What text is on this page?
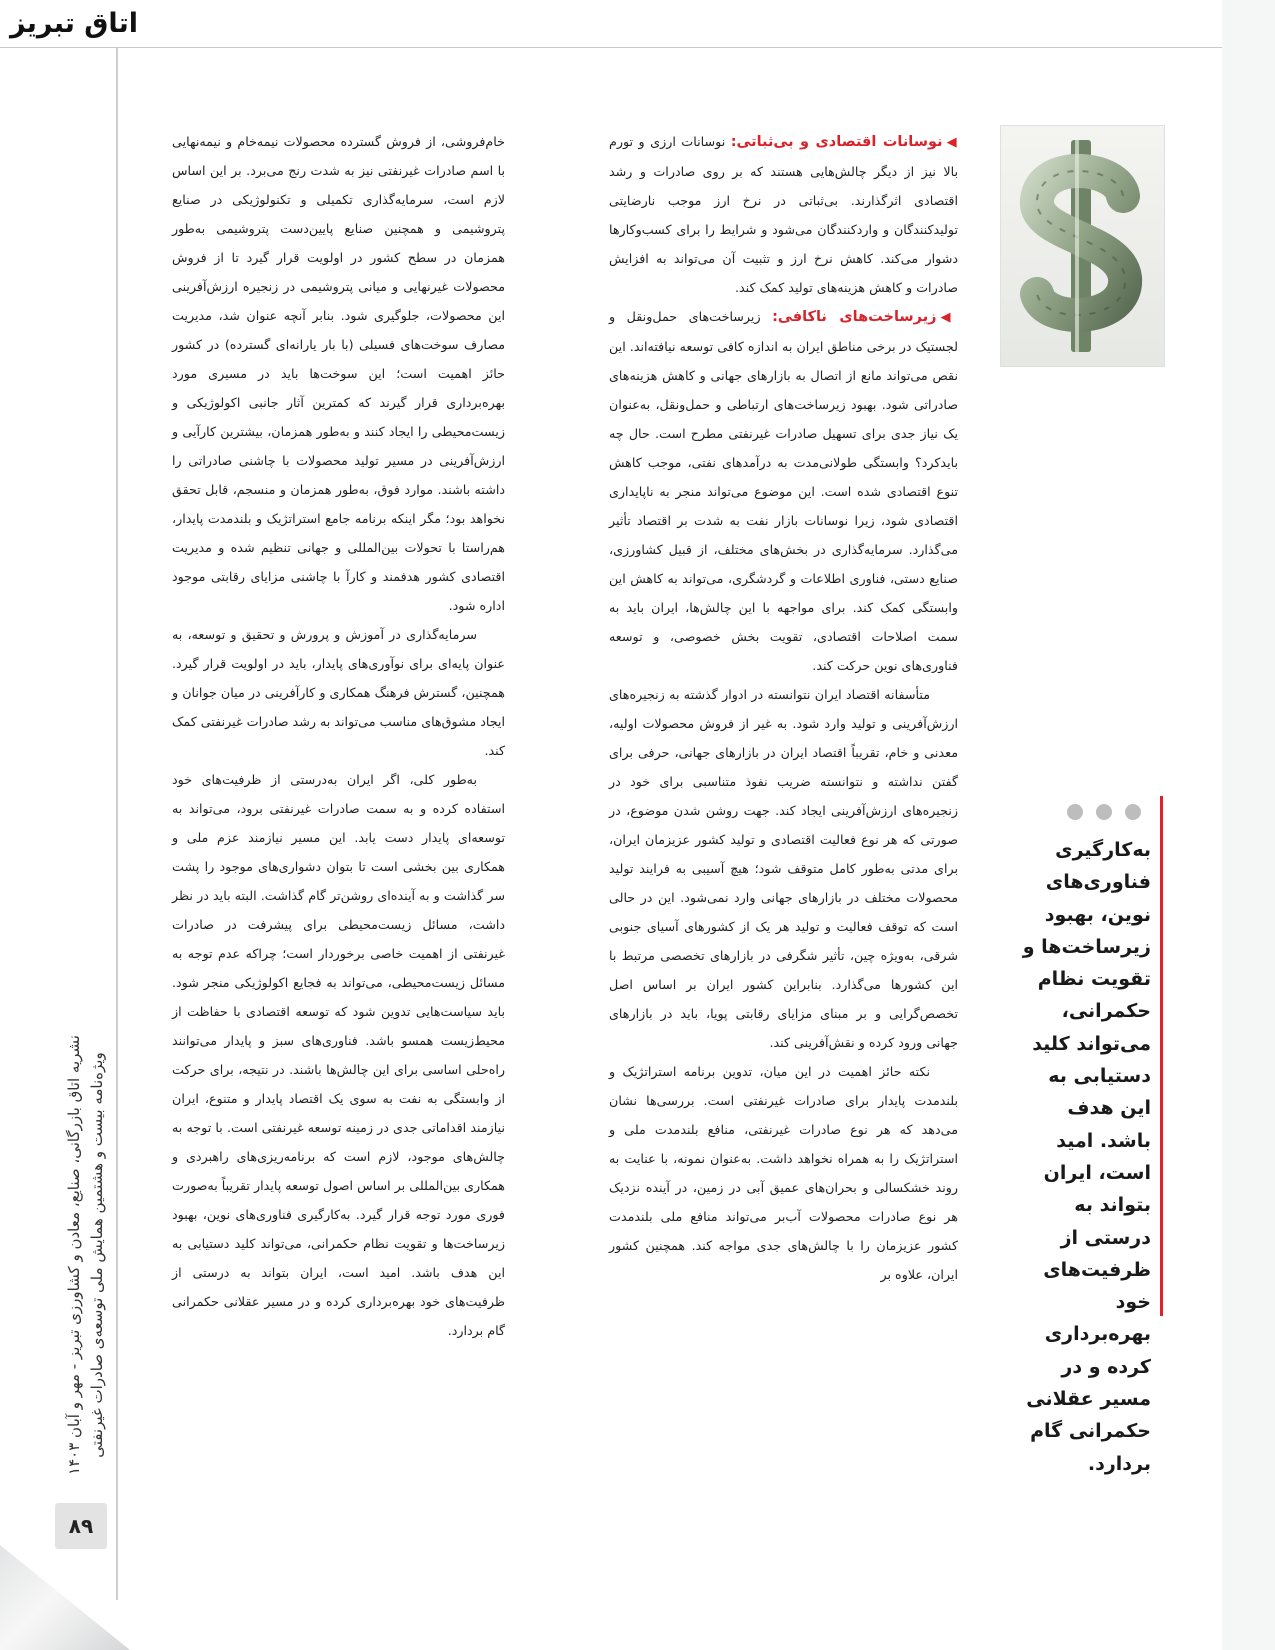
اتاق تبریز
نشریه اتاق بازرگانی، صنایع، معادن و کشاورزی تبریز - مهر و آبان ۱۴۰۳ ویژه‌نامه بیست و هشتمین همایش ملی توسعه‌ی صادرات غیرنفتی
۸۹

خام‌فروشی، از فروش گسترده محصولات نیمه‌خام و نیمه‌نهایی با اسم صادرات غیرنفتی نیز به شدت رنج می‌برد. بر این اساس لازم است، سرمایه‌گذاری تکمیلی و تکنولوژیکی در صنایع پتروشیمی و همچنین صنایع پایین‌دست پتروشیمی به‌طور همزمان در سطح کشور در اولویت قرار گیرد تا از فروش محصولات غیرنهایی و میانی پتروشیمی در زنجیره ارزش‌آفرینی این محصولات، جلوگیری شود. بنابر آنچه عنوان شد، مدیریت مصارف سوخت‌های فسیلی (با بار یارانه‌ای گسترده) در کشور حائز اهمیت است؛ این سوخت‌ها باید در مسیری مورد بهره‌برداری قرار گیرند که کمترین آثار جانبی اکولوژیکی و زیست‌محیطی را ایجاد کنند و به‌طور همزمان، بیشترین کارآیی و ارزش‌آفرینی در مسیر تولید محصولات با چاشنی صادراتی را داشته باشند. موارد فوق، به‌طور همزمان و منسجم، قابل تحقق نخواهد بود؛ مگر اینکه برنامه جامع استراتژیک و بلندمدت پایدار، هم‌راستا با تحولات بین‌المللی و جهانی تنظیم شده و مدیریت اقتصادی کشور هدفمند و کارآ با چاشنی مزایای رقابتی موجود اداره شود.

سرمایه‌گذاری در آموزش و پرورش و تحقیق و توسعه، به عنوان پایه‌ای برای نوآوری‌های پایدار، باید در اولویت قرار گیرد. همچنین، گسترش فرهنگ همکاری و کارآفرینی در میان جوانان و ایجاد مشوق‌های مناسب می‌تواند به رشد صادرات غیرنفتی کمک کند.

به‌طور کلی، اگر ایران به‌درستی از ظرفیت‌های خود استفاده کرده و به سمت صادرات غیرنفتی برود، می‌تواند به توسعه‌ای پایدار دست یابد. این مسیر نیازمند عزم ملی و همکاری بین بخشی است تا بتوان دشواری‌های موجود را پشت سر گذاشت و به آینده‌ای روشن‌تر گام گذاشت. البته باید در نظر داشت، مسائل زیست‌محیطی برای پیشرفت در صادرات غیرنفتی از اهمیت خاصی برخوردار است؛ چراکه عدم توجه به مسائل زیست‌محیطی، می‌تواند به فجایع اکولوژیکی منجر شود. باید سیاست‌هایی تدوین شود که توسعه اقتصادی با حفاظت از محیط‌زیست همسو باشد. فناوری‌های سبز و پایدار می‌توانند راه‌حلی اساسی برای این چالش‌ها باشند. در نتیجه، برای حرکت از وابستگی به نفت به سوی یک اقتصاد پایدار و متنوع، ایران نیازمند اقداماتی جدی در زمینه توسعه غیرنفتی است. با توجه به چالش‌های موجود، لازم است که برنامه‌ریزی‌های راهبردی و همکاری بین‌المللی بر اساس اصول توسعه پایدار تقریباً به‌صورت فوری مورد توجه قرار گیرد. به‌کارگیری فناوری‌های نوین، بهبود زیرساخت‌ها و تقویت نظام حکمرانی، می‌تواند کلید دستیابی به این هدف باشد. امید است، ایران بتواند به درستی از ظرفیت‌های خود بهره‌برداری کرده و در مسیر عقلانی حکمرانی گام بردارد.

◀نوسانات اقتصادی و بی‌ثباتی: نوسانات ارزی و تورم بالا نیز از دیگر چالش‌هایی هستند که بر روی صادرات و رشد اقتصادی اثرگذارند. بی‌ثباتی در نرخ ارز موجب نارضایتی تولیدکنندگان و واردکنندگان می‌شود و شرایط را برای کسب‌وکارها دشوار می‌کند. کاهش نرخ ارز و تثبیت آن می‌تواند به افزایش صادرات و کاهش هزینه‌های تولید کمک کند.

◀زیرساخت‌های ناکافی: زیرساخت‌های حمل‌ونقل و لجستیک در برخی مناطق ایران به اندازه کافی توسعه نیافته‌اند. این نقص می‌تواند مانع از اتصال به بازارهای جهانی و کاهش هزینه‌های صادراتی شود. بهبود زیرساخت‌های ارتباطی و حمل‌ونقل، به‌عنوان یک نیاز جدی برای تسهیل صادرات غیرنفتی مطرح است. حال چه بایدکرد؟ وابستگی طولانی‌مدت به درآمدهای نفتی، موجب کاهش تنوع اقتصادی شده است. این موضوع می‌تواند منجر به ناپایداری اقتصادی شود، زیرا نوسانات بازار نفت به شدت بر اقتصاد تأثیر می‌گذارد. سرمایه‌گذاری در بخش‌های مختلف، از قبیل کشاورزی، صنایع دستی، فناوری اطلاعات و گردشگری، می‌تواند به کاهش این وابستگی کمک کند. برای مواجهه با این چالش‌ها، ایران باید به سمت اصلاحات اقتصادی، تقویت بخش خصوصی، و توسعه فناوری‌های نوین حرکت کند.

متأسفانه اقتصاد ایران نتوانسته در ادوار گذشته به زنجیره‌های ارزش‌آفرینی و تولید وارد شود. به غیر از فروش محصولات اولیه، معدنی و خام، تقریباً اقتصاد ایران در بازارهای جهانی، حرفی برای گفتن نداشته و نتوانسته ضریب نفوذ متناسبی برای خود در زنجیره‌های ارزش‌آفرینی ایجاد کند. جهت روشن شدن موضوع، در صورتی که هر نوع فعالیت اقتصادی و تولید کشور عزیزمان ایران، برای مدتی به‌طور کامل متوقف شود؛ هیچ آسیبی به فرایند تولید محصولات مختلف در بازارهای جهانی وارد نمی‌شود. این در حالی است که توقف فعالیت و تولید هر یک از کشورهای آسیای جنوبی شرقی، به‌ویژه چین، تأثیر شگرفی در بازارهای تخصصی مرتبط با این کشورها می‌گذارد. بنابراین کشور ایران بر اساس اصل تخصص‌گرایی و بر مبنای مزایای رقابتی پویا، باید در بازارهای جهانی ورود کرده و نقش‌آفرینی کند.

نکته حائز اهمیت در این میان، تدوین برنامه استراتژیک و بلندمدت پایدار برای صادرات غیرنفتی است. بررسی‌ها نشان می‌دهد که هر نوع صادرات غیرنفتی، منافع بلندمدت ملی و استراتژیک را به همراه نخواهد داشت. به‌عنوان نمونه، با عنایت به روند خشکسالی و بحران‌های عمیق آبی در زمین، در آینده نزدیک هر نوع صادرات محصولات آب‌بر می‌تواند منافع ملی بلندمدت کشور عزیزمان را با چالش‌های جدی مواجه کند. همچنین کشور ایران، علاوه بر

به‌کارگیری فناوری‌های نوین، بهبود زیرساخت‌ها و تقویت نظام حکمرانی، می‌تواند کلید دستیابی به این هدف باشد. امید است، ایران بتواند به درستی از ظرفیت‌های خود بهره‌برداری کرده و در مسیر عقلانی حکمرانی گام بردارد.
